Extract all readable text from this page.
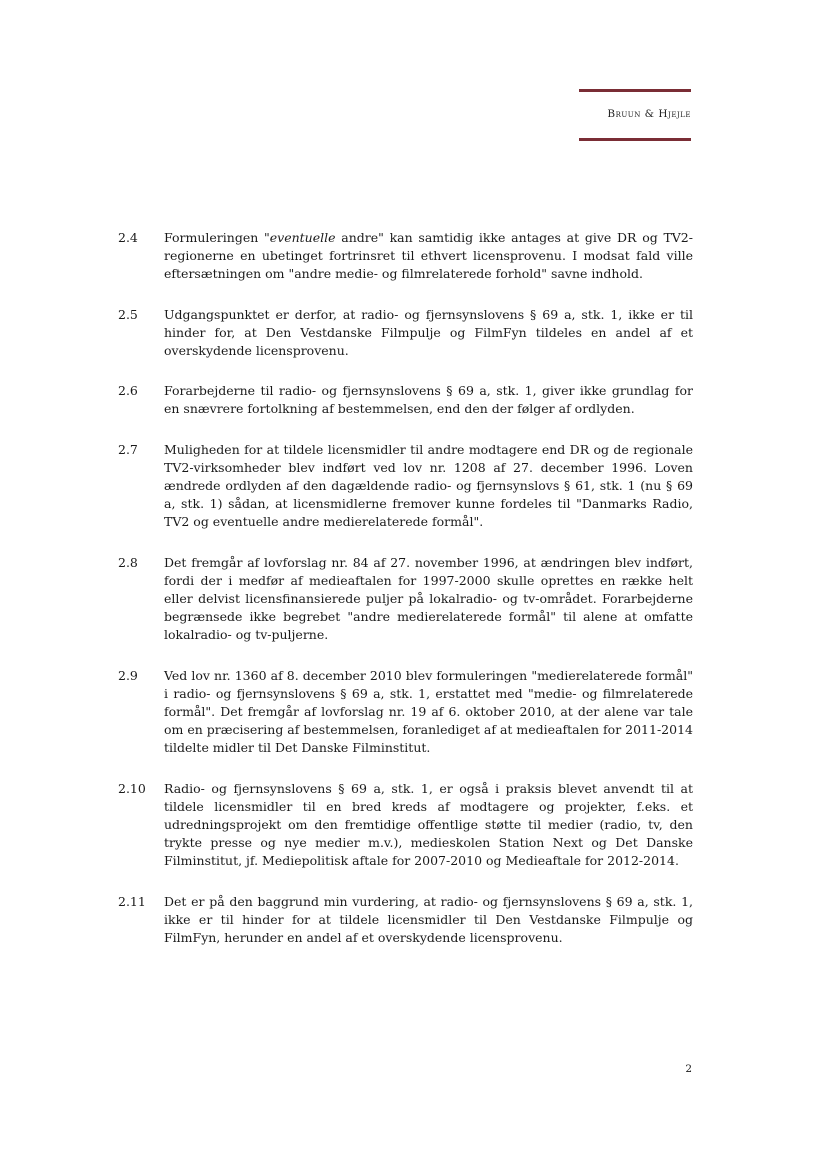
Bruun & Hjejle
2.4	Formuleringen "eventuelle andre" kan samtidig ikke antages at give DR og TV2-regionerne en ubetinget fortrinsret til ethvert licensprovenu. I modsat fald ville eftersætningen om "andre medie- og filmrelaterede forhold" savne indhold.
2.5	Udgangspunktet er derfor, at radio- og fjernsynslovens § 69 a, stk. 1, ikke er til hinder for, at Den Vestdanske Filmpulje og FilmFyn tildeles en andel af et overskydende licensprovenu.
2.6	Forarbejderne til radio- og fjernsynslovens § 69 a, stk. 1, giver ikke grundlag for en snævrere fortolkning af bestemmelsen, end den der følger af ordlyden.
2.7	Muligheden for at tildele licensmidler til andre modtagere end DR og de regionale TV2-virksomheder blev indført ved lov nr. 1208 af 27. december 1996. Loven ændrede ordlyden af den dagældende radio- og fjernsynslovs § 61, stk. 1 (nu § 69 a, stk. 1) sådan, at licensmidlerne fremover kunne fordeles til "Danmarks Radio, TV2 og eventuelle andre medierelaterede formål".
2.8	Det fremgår af lovforslag nr. 84 af 27. november 1996, at ændringen blev indført, fordi der i medfør af medieaftalen for 1997-2000 skulle oprettes en række helt eller delvist licensfinansierede puljer på lokalradio- og tv-området. Forarbejderne begrænsede ikke begrebet "andre medierelaterede formål" til alene at omfatte lokalradio- og tv-puljerne.
2.9	Ved lov nr. 1360 af 8. december 2010 blev formuleringen "medierelaterede formål" i radio- og fjernsynslovens § 69 a, stk. 1, erstattet med "medie- og filmrelaterede formål". Det fremgår af lovforslag nr. 19 af 6. oktober 2010, at der alene var tale om en præcisering af bestemmelsen, foranlediget af at medieaftalen for 2011-2014 tildelte midler til Det Danske Filminstitut.
2.10	Radio- og fjernsynslovens § 69 a, stk. 1, er også i praksis blevet anvendt til at tildele licensmidler til en bred kreds af modtagere og projekter, f.eks. et udredningsprojekt om den fremtidige offentlige støtte til medier (radio, tv, den trykte presse og nye medier m.v.), medieskolen Station Next og Det Danske Filminstitut, jf. Mediepolitisk aftale for 2007-2010 og Medieaftale for 2012-2014.
2.11	Det er på den baggrund min vurdering, at radio- og fjernsynslovens § 69 a, stk. 1, ikke er til hinder for at tildele licensmidler til Den Vestdanske Filmpulje og FilmFyn, herunder en andel af et overskydende licensprovenu.
2
